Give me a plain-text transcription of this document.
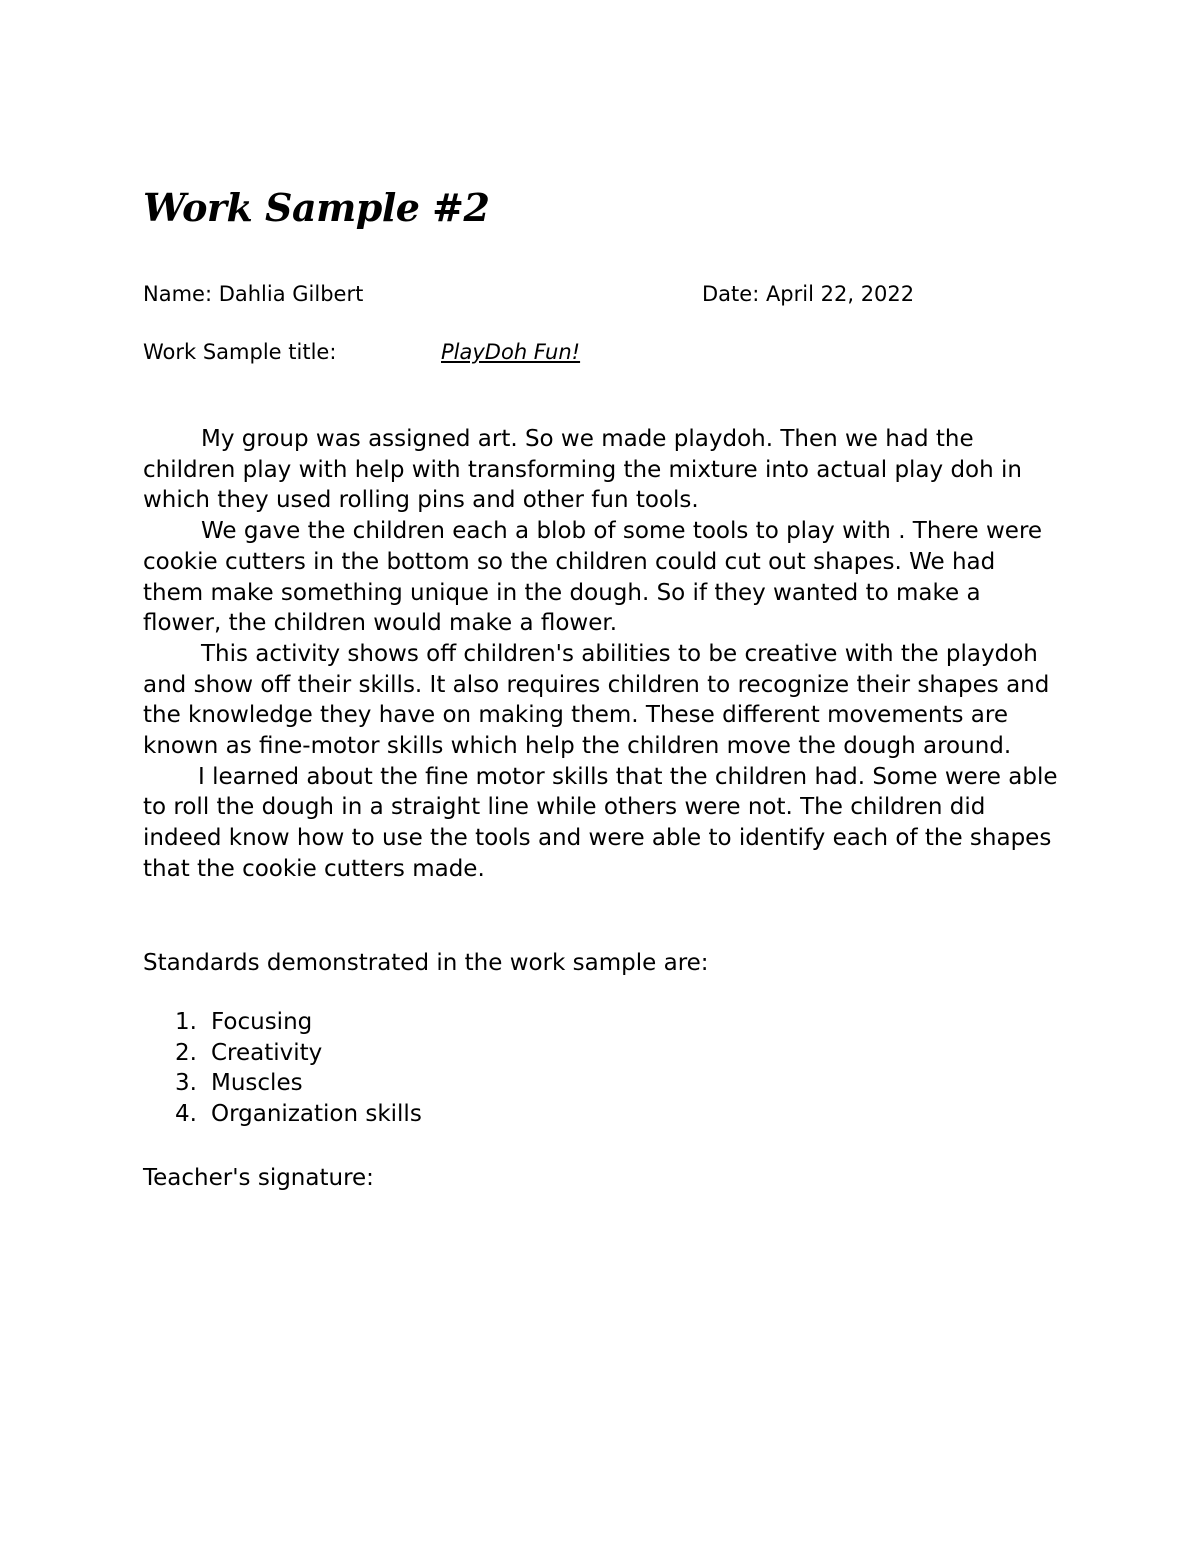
Work Sample #2
Name: Dahlia Gilbert	Date: April 22, 2022
Work Sample title:	PlayDoh Fun!

My group was assigned art. So we made playdoh. Then we had the children play with help with transforming the mixture into actual play doh in which they used rolling pins and other fun tools.

We gave the children each a blob of some tools to play with . There were cookie cutters in the bottom so the children could cut out shapes. We had them make something unique in the dough. So if they wanted to make a flower, the children would make a flower.

This activity shows off children's abilities to be creative with the playdoh and show off their skills. It also requires children to recognize their shapes and the knowledge they have on making them. These different movements are known as fine-motor skills which help the children move the dough around.

I learned about the fine motor skills that the children had. Some were able to roll the dough in a straight line while others were not. The children did indeed know how to use the tools and were able to identify each of the shapes that the cookie cutters made.

Standards demonstrated in the work sample are:
1. Focusing
2. Creativity
3. Muscles
4. Organization skills
Teacher's signature:
